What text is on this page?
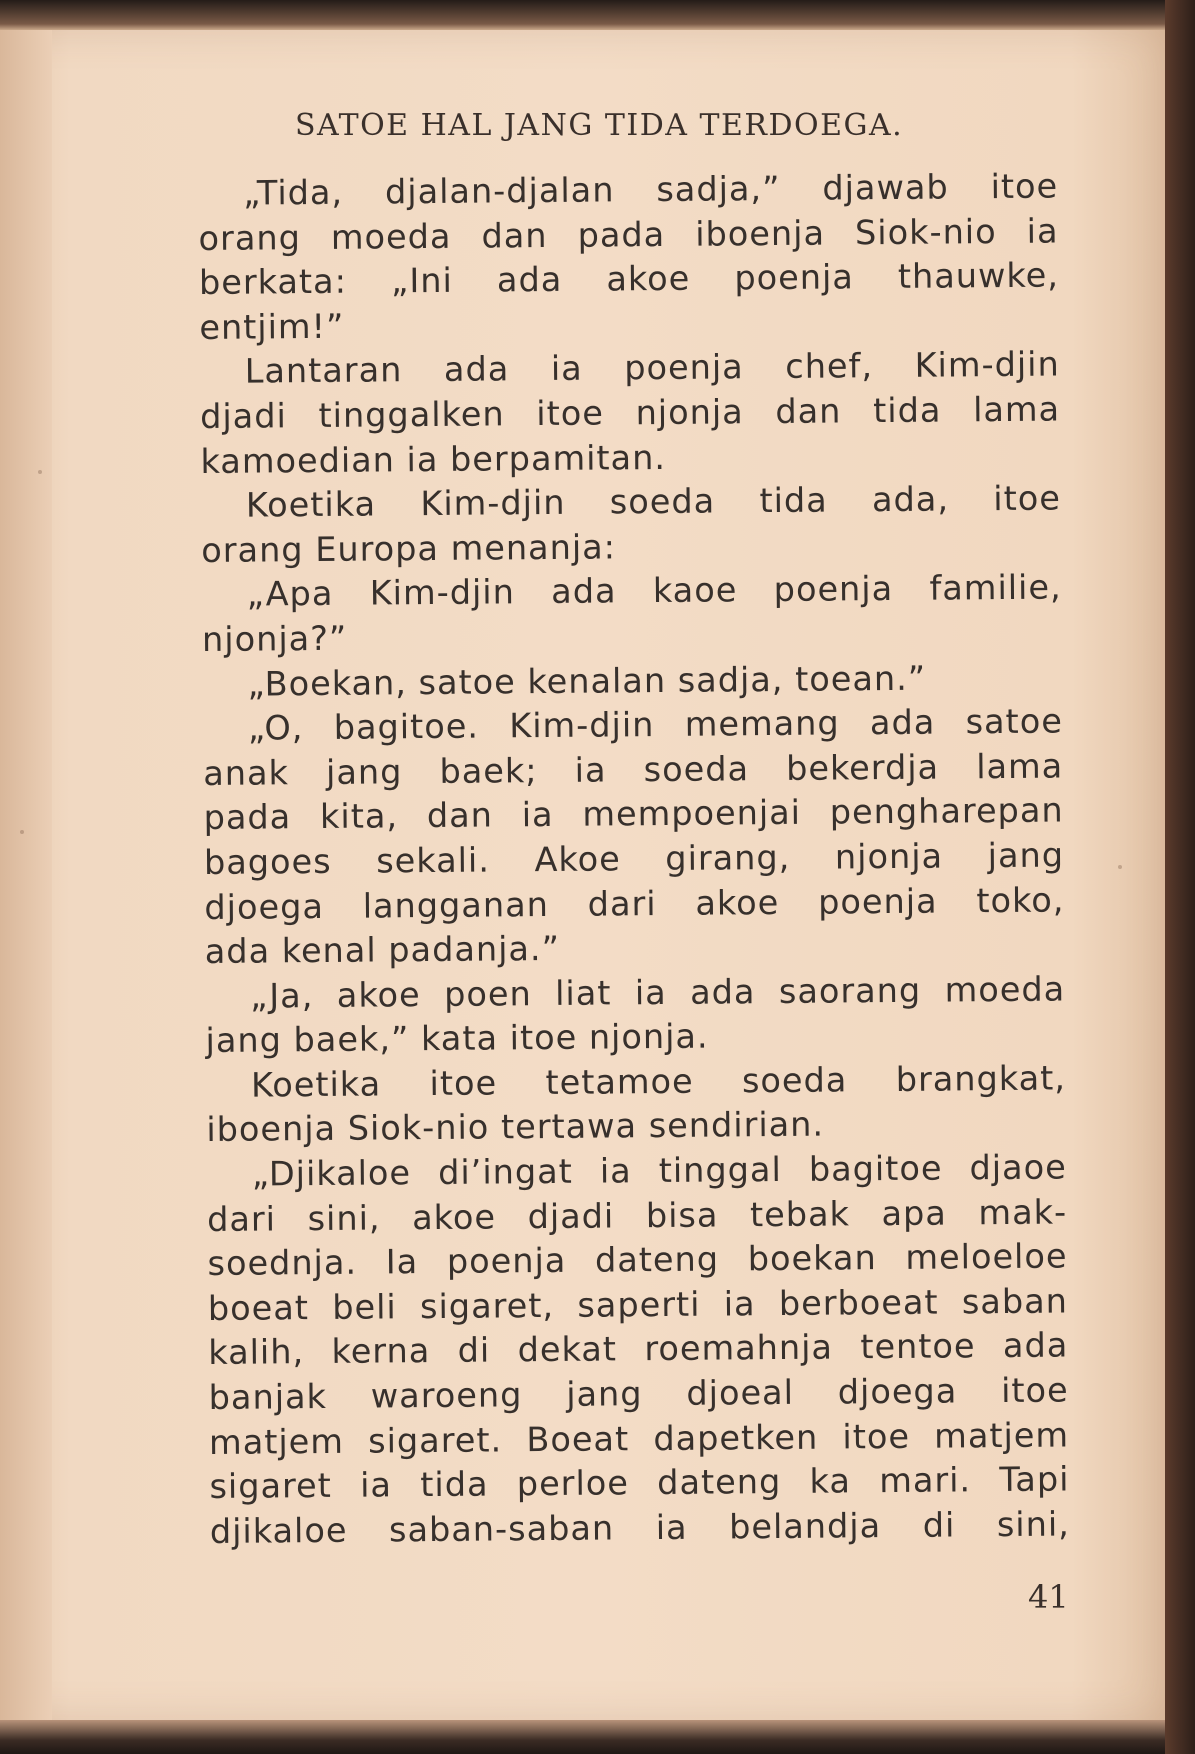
SATOE HAL JANG TIDA TERDOEGA.
„Tida, djalan-djalan sadja,” djawab itoe
orang moeda dan pada iboenja Siok-nio ia
berkata: „Ini ada akoe poenja thauwke,
entjim!”
Lantaran ada ia poenja chef, Kim-djin
djadi tinggalken itoe njonja dan tida lama
kamoedian ia berpamitan.
Koetika Kim-djin soeda tida ada, itoe
orang Europa menanja:
„Apa Kim-djin ada kaoe poenja familie,
njonja?”
„Boekan, satoe kenalan sadja, toean.”
„O, bagitoe. Kim-djin memang ada satoe
anak jang baek; ia soeda bekerdja lama
pada kita, dan ia mempoenjai pengharepan
bagoes sekali. Akoe girang, njonja jang
djoega langganan dari akoe poenja toko,
ada kenal padanja.”
„Ja, akoe poen liat ia ada saorang moeda
jang baek,” kata itoe njonja.
Koetika itoe tetamoe soeda brangkat,
iboenja Siok-nio tertawa sendirian.
„Djikaloe di’ingat ia tinggal bagitoe djaoe
dari sini, akoe djadi bisa tebak apa mak-
soednja. Ia poenja dateng boekan meloeloe
boeat beli sigaret, saperti ia berboeat saban
kalih, kerna di dekat roemahnja tentoe ada
banjak waroeng jang djoeal djoega itoe
matjem sigaret. Boeat dapetken itoe matjem
sigaret ia tida perloe dateng ka mari. Tapi
djikaloe saban-saban ia belandja di sini,
41
